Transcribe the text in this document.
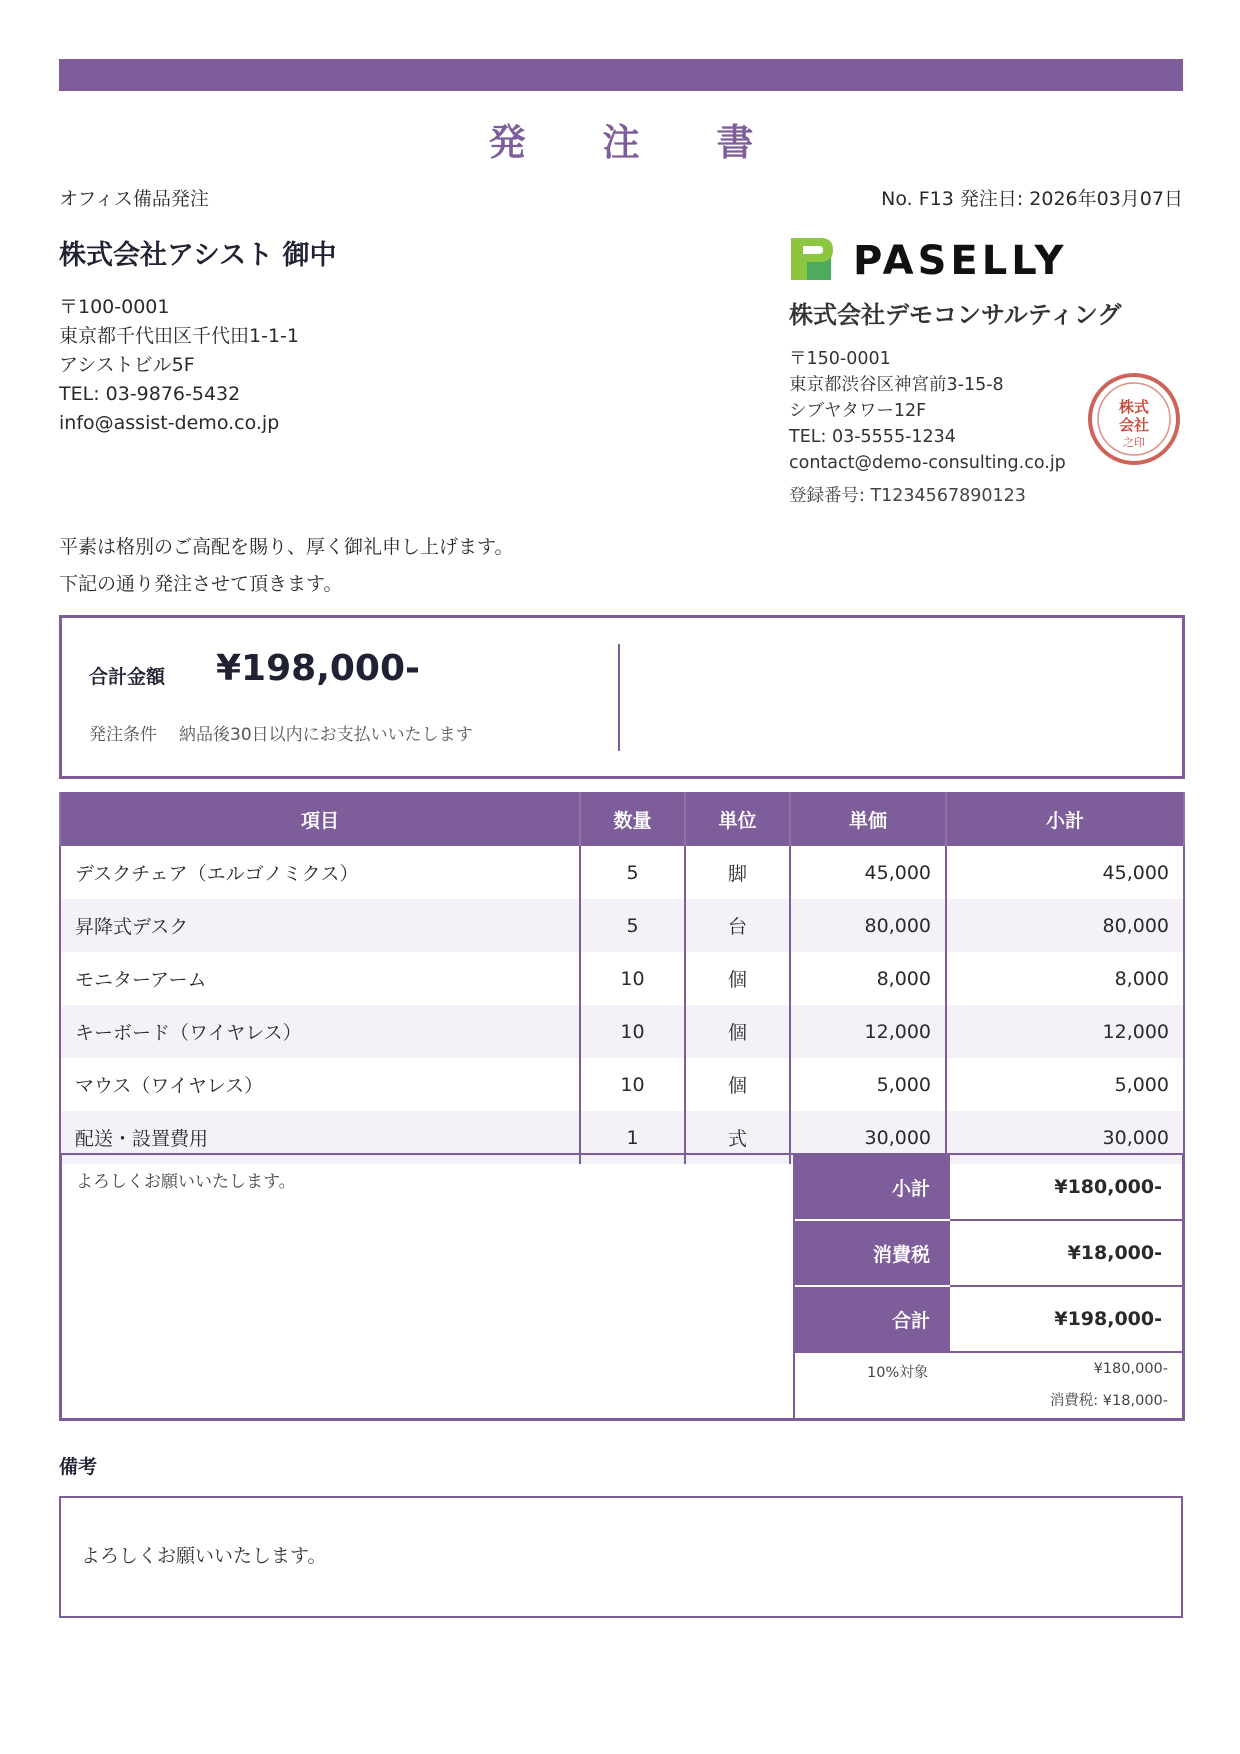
発 注 書
オフィス備品発注	No. F13 発注日: 2026年03月07日
株式会社アシスト 御中
〒100-0001
東京都千代田区千代田1-1-1
アシストビル5F
TEL: 03-9876-5432
info@assist-demo.co.jp
PASELLY
株式会社デモコンサルティング
〒150-0001
東京都渋谷区神宮前3-15-8
シブヤタワー12F
TEL: 03-5555-1234
contact@demo-consulting.co.jp
登録番号: T1234567890123
株式
会社
之印
平素は格別のご高配を賜り、厚く御礼申し上げます。
下記の通り発注させて頂きます。
合計金額 ¥198,000-
発注条件 納品後30日以内にお支払いいたします
項目	数量	単位	単価	小計
デスクチェア（エルゴノミクス）	5	脚	45,000	45,000
昇降式デスク	5	台	80,000	80,000
モニターアーム	10	個	8,000	8,000
キーボード（ワイヤレス）	10	個	12,000	12,000
マウス（ワイヤレス）	10	個	5,000	5,000
配送・設置費用	1	式	30,000	30,000
よろしくお願いいたします。	小計	¥180,000-
消費税	¥18,000-
合計	¥198,000-
10%対象	¥180,000-
消費税: ¥18,000-
備考
よろしくお願いいたします。
